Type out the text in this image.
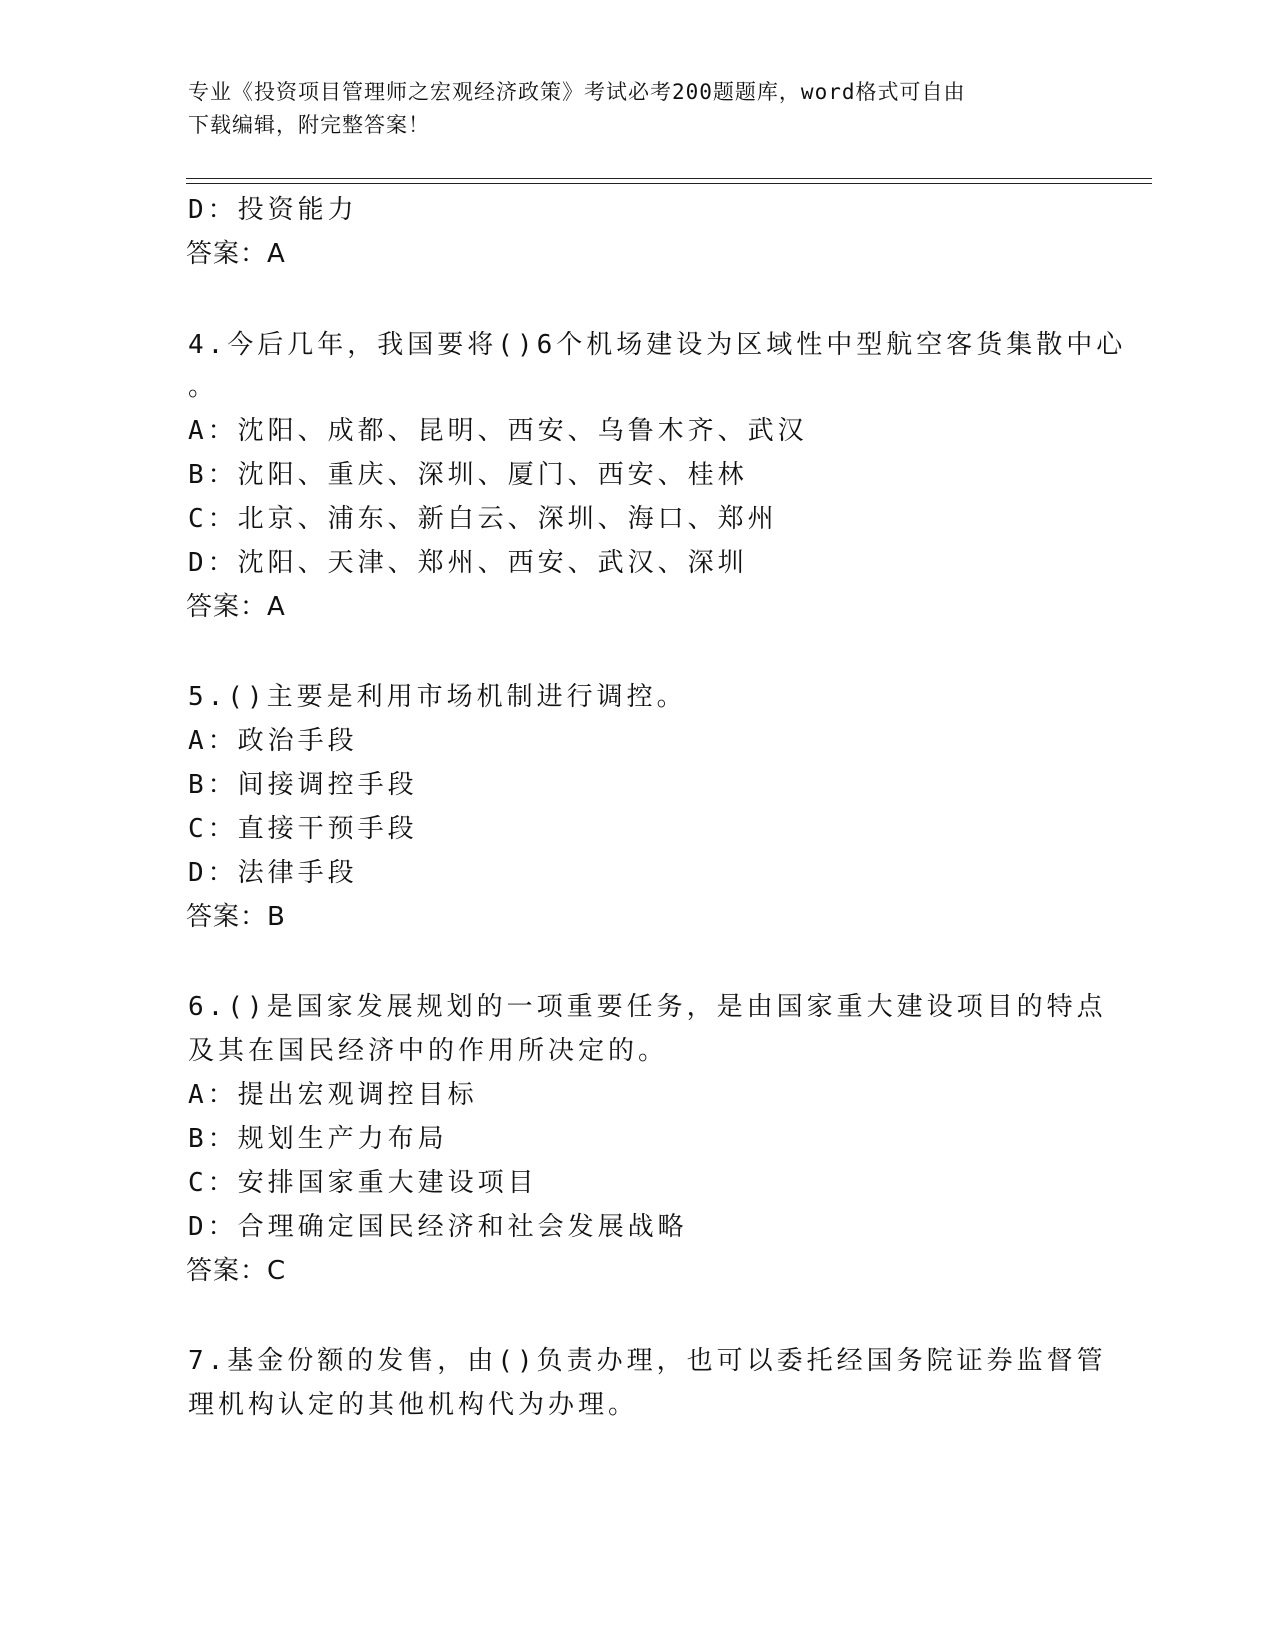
专业《投资项目管理师之宏观经济政策》考试必考200题题库，word格式可自由
下载编辑，附完整答案！
D：投资能力
答案：A
4.今后几年，我国要将()6个机场建设为区域性中型航空客货集散中心
。
A：沈阳、成都、昆明、西安、乌鲁木齐、武汉
B：沈阳、重庆、深圳、厦门、西安、桂林
C：北京、浦东、新白云、深圳、海口、郑州
D：沈阳、天津、郑州、西安、武汉、深圳
答案：A
5.()主要是利用市场机制进行调控。
A：政治手段
B：间接调控手段
C：直接干预手段
D：法律手段
答案：B
6.()是国家发展规划的一项重要任务，是由国家重大建设项目的特点
及其在国民经济中的作用所决定的。
A：提出宏观调控目标
B：规划生产力布局
C：安排国家重大建设项目
D：合理确定国民经济和社会发展战略
答案：C
7.基金份额的发售，由()负责办理，也可以委托经国务院证券监督管
理机构认定的其他机构代为办理。
